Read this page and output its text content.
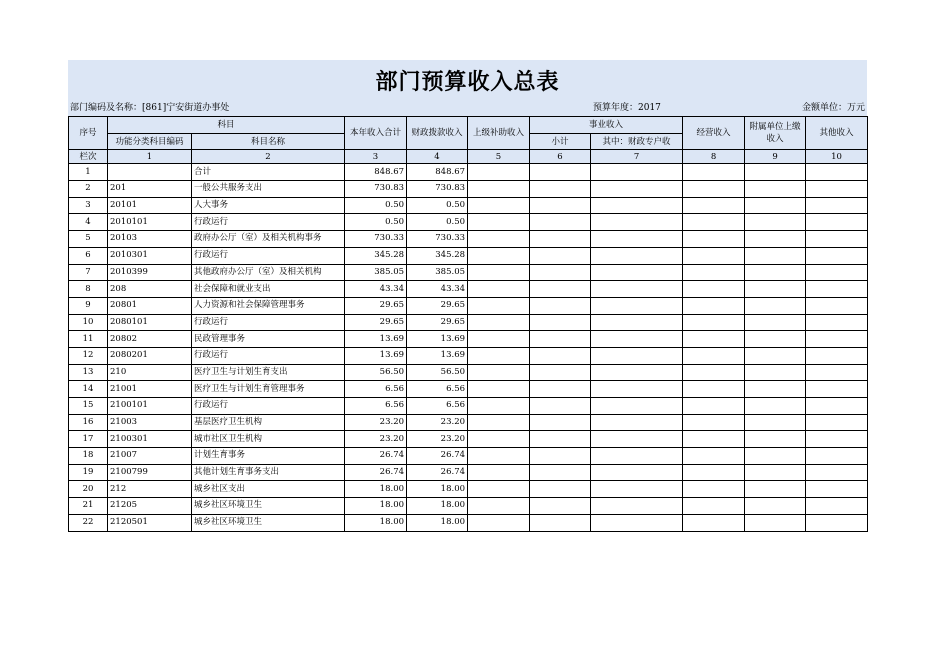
部门预算收入总表
部门编码及名称：[861]宁安街道办事处	预算年度：2017	金额单位：万元
序号	科目		本年收入合计	财政拨款收入	上级补助收入	事业收入		经营收入	附属单位上缴收入	其他收入
	功能分类科目编码	科目名称				小计	其中：财政专户收			
栏次	1	2	3	4	5	6	7	8	9	10
1		合计	848.67	848.67						
2	201	一般公共服务支出	730.83	730.83						
3	20101	人大事务	0.50	0.50						
4	2010101	行政运行	0.50	0.50						
5	20103	政府办公厅（室）及相关机构事务	730.33	730.33						
6	2010301	行政运行	345.28	345.28						
7	2010399	其他政府办公厅（室）及相关机构	385.05	385.05						
8	208	社会保障和就业支出	43.34	43.34						
9	20801	人力资源和社会保障管理事务	29.65	29.65						
10	2080101	行政运行	29.65	29.65						
11	20802	民政管理事务	13.69	13.69						
12	2080201	行政运行	13.69	13.69						
13	210	医疗卫生与计划生育支出	56.50	56.50						
14	21001	医疗卫生与计划生育管理事务	6.56	6.56						
15	2100101	行政运行	6.56	6.56						
16	21003	基层医疗卫生机构	23.20	23.20						
17	2100301	城市社区卫生机构	23.20	23.20						
18	21007	计划生育事务	26.74	26.74						
19	2100799	其他计划生育事务支出	26.74	26.74						
20	212	城乡社区支出	18.00	18.00						
21	21205	城乡社区环境卫生	18.00	18.00						
22	2120501	城乡社区环境卫生	18.00	18.00						
